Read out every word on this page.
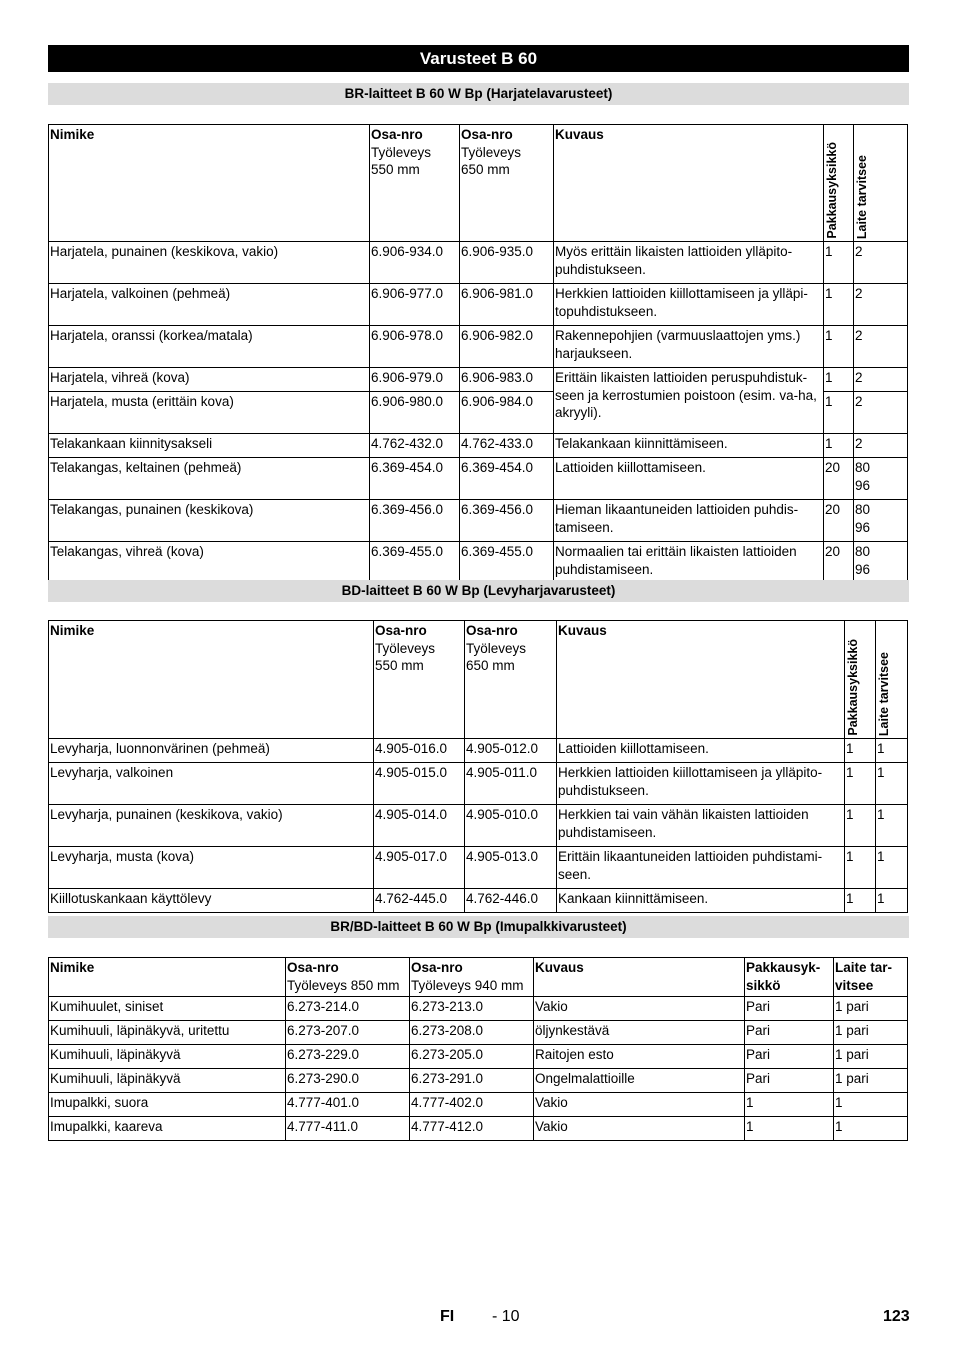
Varusteet B 60
BR-laitteet B 60 W Bp (Harjatelavarusteet)
Nimike	Osa-nro
Työleveys
550 mm	Osa-nro
Työleveys
650 mm	Kuvaus	Pakkausyksikkö	Laite tarvitsee

Harjatela, punainen (keskikova, vakio)	6.906-934.0	6.906-935.0	Myös erittäin likaisten lattioiden ylläpito-puhdistukseen.	1	2
Harjatela, valkoinen (pehmeä)	6.906-977.0	6.906-981.0	Herkkien lattioiden kiillottamiseen ja ylläpi-topuhdistukseen.	1	2
Harjatela, oranssi (korkea/matala)	6.906-978.0	6.906-982.0	Rakennepohjien (varmuuslaattojen yms.) harjaukseen.	1	2
Harjatela, vihreä (kova)	6.906-979.0	6.906-983.0	Erittäin likaisten lattioiden peruspuhdistuk-seen ja kerrostumien poistoon (esim. va-ha, akryyli).	1	2
Harjatela, musta (erittäin kova)	6.906-980.0	6.906-984.0		1	2
Telakankaan kiinnitysakseli	4.762-432.0	4.762-433.0	Telakankaan kiinnittämiseen.	1	2
Telakangas, keltainen (pehmeä)	6.369-454.0	6.369-454.0	Lattioiden kiillottamiseen.	20	80
96

Telakangas, punainen (keskikova)	6.369-456.0	6.369-456.0	Hieman likaantuneiden lattioiden puhdis-tamiseen.	20	80
96

Telakangas, vihreä (kova)	6.369-455.0	6.369-455.0	Normaalien tai erittäin likaisten lattioiden puhdistamiseen.	20	80
96
BD-laitteet B 60 W Bp (Levyharjavarusteet)
Nimike	Osa-nro
Työleveys
550 mm	Osa-nro
Työleveys
650 mm	Kuvaus	Pakkausyksikkö	Laite tarvitsee

Levyharja, luonnonvärinen (pehmeä)	4.905-016.0	4.905-012.0	Lattioiden kiillottamiseen.	1	1
Levyharja, valkoinen	4.905-015.0	4.905-011.0	Herkkien lattioiden kiillottamiseen ja ylläpito-puhdistukseen.	1	1
Levyharja, punainen (keskikova, vakio)	4.905-014.0	4.905-010.0	Herkkien tai vain vähän likaisten lattioiden puhdistamiseen.	1	1
Levyharja, musta (kova)	4.905-017.0	4.905-013.0	Erittäin likaantuneiden lattioiden puhdistami-seen.	1	1
Kiillotuskankaan käyttölevy	4.762-445.0	4.762-446.0	Kankaan kiinnittämiseen.	1	1
BR/BD-laitteet B 60 W Bp (Imupalkkivarusteet)
Nimike	Osa-nro
Työleveys 850 mm	Osa-nro
Työleveys 940 mm	Kuvaus	Pakkausyk-sikkö	Laite tar-vitsee

Kumihuulet, siniset	6.273-214.0	6.273-213.0	Vakio	Pari	1 pari
Kumihuuli, läpinäkyvä, uritettu	6.273-207.0	6.273-208.0	öljynkestävä	Pari	1 pari
Kumihuuli, läpinäkyvä	6.273-229.0	6.273-205.0	Raitojen esto	Pari	1 pari
Kumihuuli, läpinäkyvä	6.273-290.0	6.273-291.0	Ongelmalattioille	Pari	1 pari
Imupalkki, suora	4.777-401.0	4.777-402.0	Vakio	1	1
Imupalkki, kaareva	4.777-411.0	4.777-412.0	Vakio	1	1
FI - 10	123
